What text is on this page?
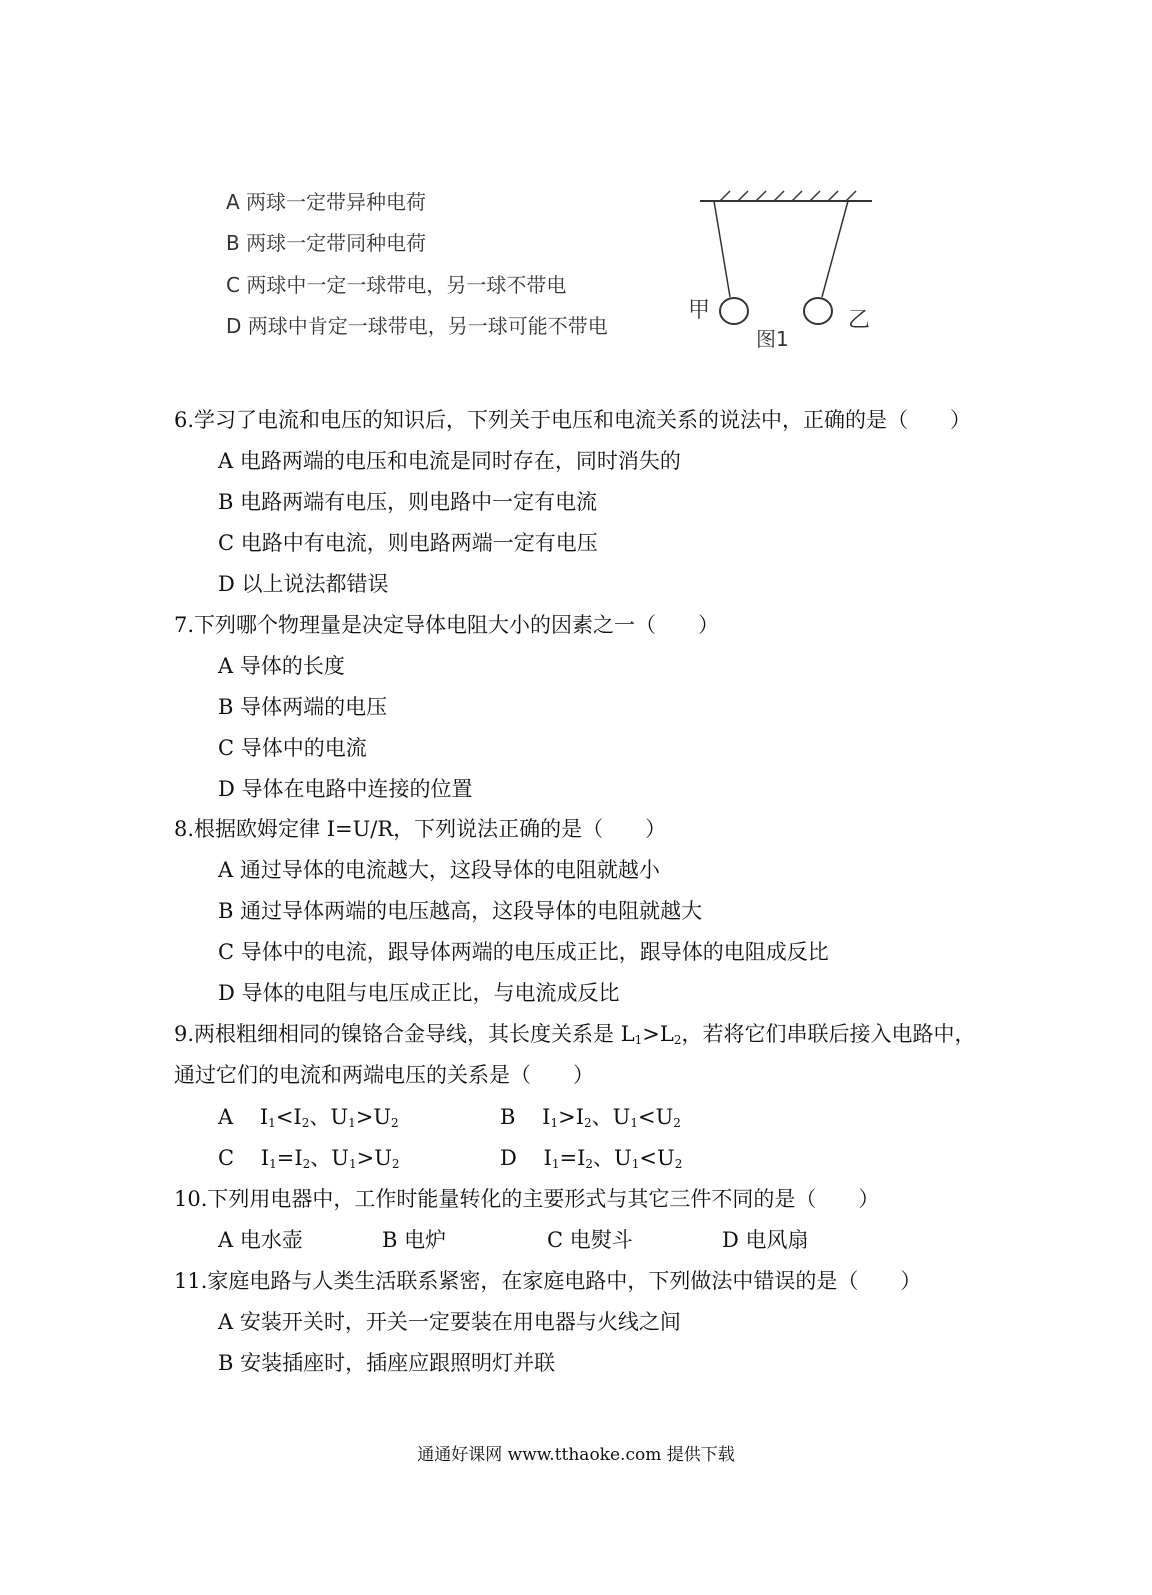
A 两球一定带异种电荷
B 两球一定带同种电荷
C 两球中一定一球带电，另一球不带电
D 两球中肯定一球带电，另一球可能不带电
甲	乙
图1
6.学习了电流和电压的知识后，下列关于电压和电流关系的说法中，正确的是（　　）
A 电路两端的电压和电流是同时存在，同时消失的
B 电路两端有电压，则电路中一定有电流
C 电路中有电流，则电路两端一定有电压
D 以上说法都错误
7.下列哪个物理量是决定导体电阻大小的因素之一（　　）
A 导体的长度
B 导体两端的电压
C 导体中的电流
D 导体在电路中连接的位置
8.根据欧姆定律 I=U/R，下列说法正确的是（　　）
A 通过导体的电流越大，这段导体的电阻就越小
B 通过导体两端的电压越高，这段导体的电阻就越大
C 导体中的电流，跟导体两端的电压成正比，跟导体的电阻成反比
D 导体的电阻与电压成正比，与电流成反比
9.两根粗细相同的镍铬合金导线，其长度关系是 $L_1>L_2$，若将它们串联后接入电路中，
通过它们的电流和两端电压的关系是（　　）
A $I_1<I_2$、$U_1>U_2$	B $I_1>I_2$、$U_1<U_2$
C $I_1=I_2$、$U_1>U_2$	D $I_1=I_2$、$U_1<U_2$
10.下列用电器中，工作时能量转化的主要形式与其它三件不同的是（　　）
A 电水壶	B 电炉	C 电熨斗	D 电风扇
11.家庭电路与人类生活联系紧密，在家庭电路中，下列做法中错误的是（　　）
A 安装开关时，开关一定要装在用电器与火线之间
B 安装插座时，插座应跟照明灯并联
通通好课网 www.tthaoke.com 提供下载
